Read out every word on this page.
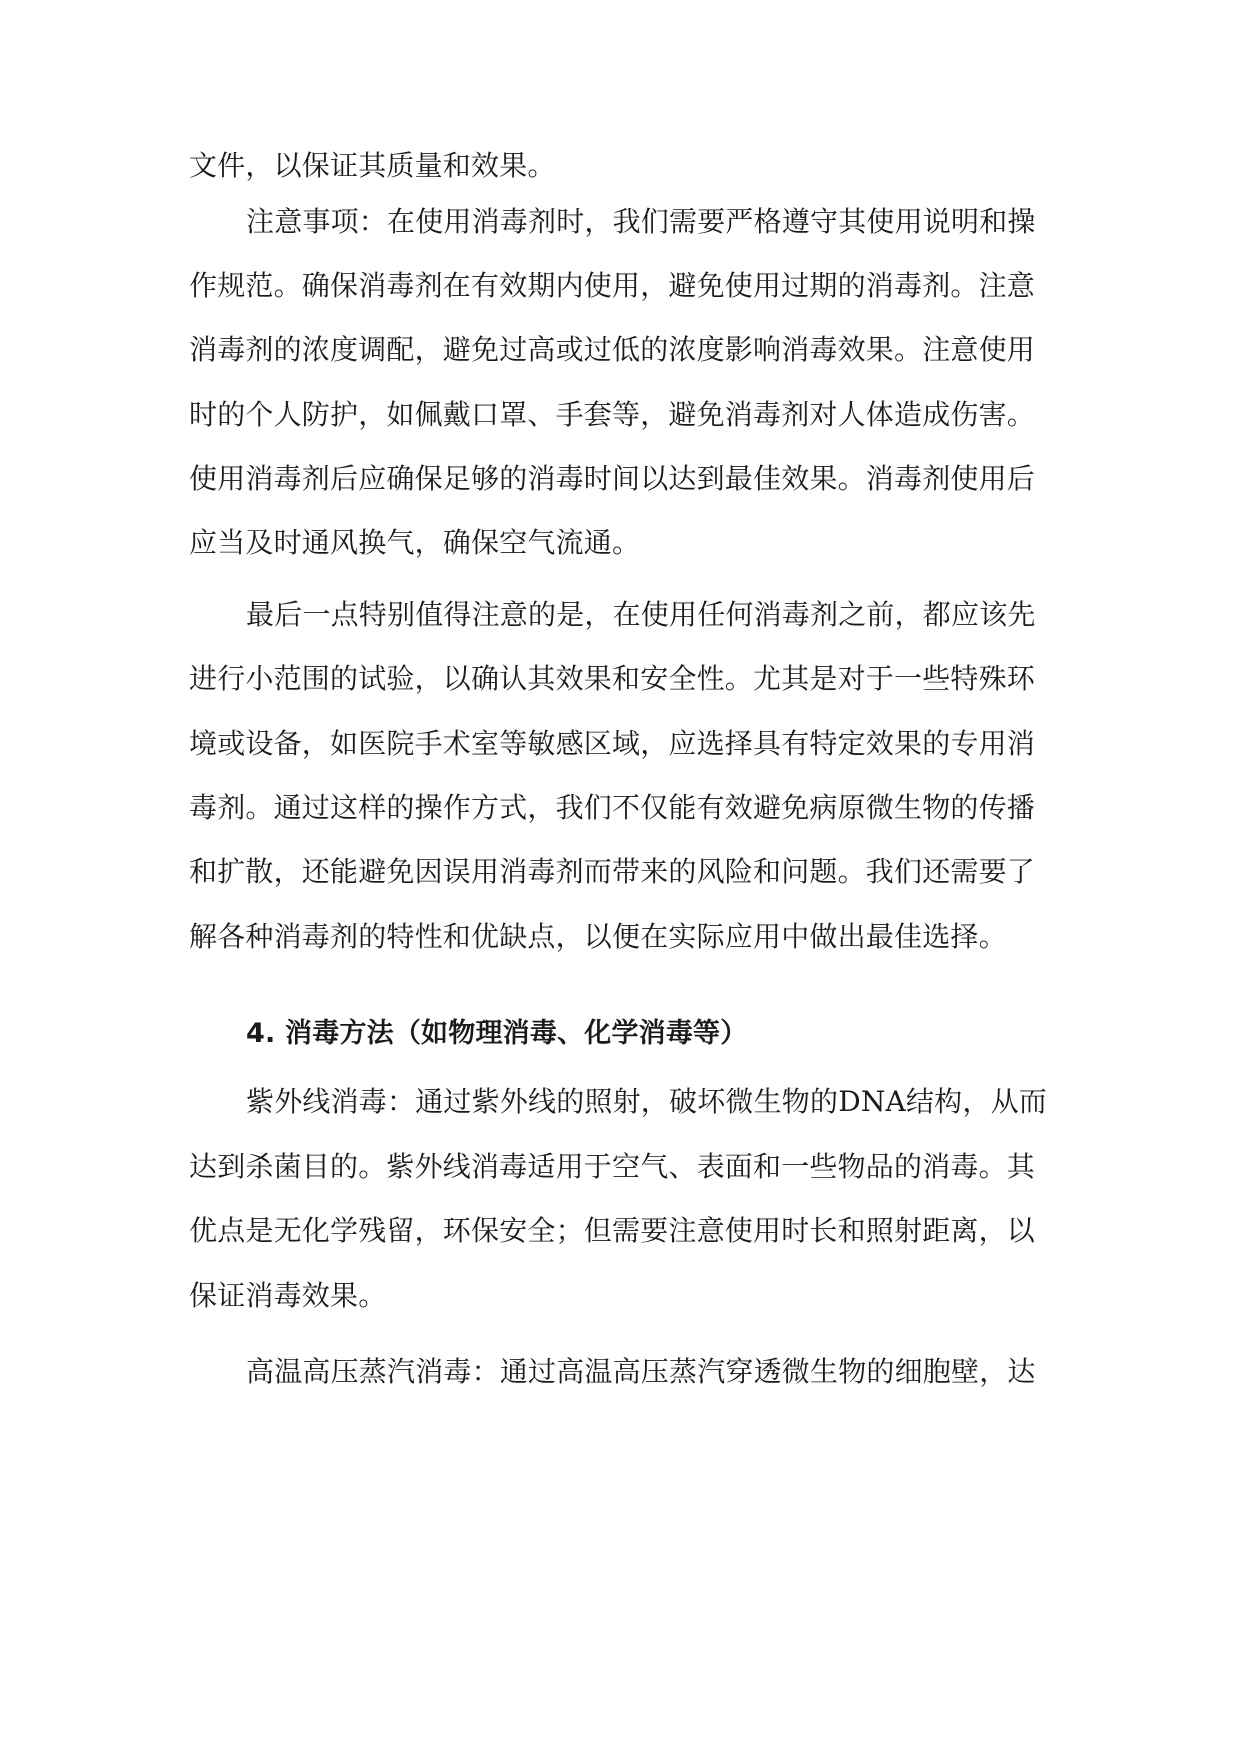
文件，以保证其质量和效果。

注意事项：在使用消毒剂时，我们需要严格遵守其使用说明和操

作规范。确保消毒剂在有效期内使用，避免使用过期的消毒剂。注意

消毒剂的浓度调配，避免过高或过低的浓度影响消毒效果。注意使用

时的个人防护，如佩戴口罩、手套等，避免消毒剂对人体造成伤害。

使用消毒剂后应确保足够的消毒时间以达到最佳效果。消毒剂使用后

应当及时通风换气，确保空气流通。

最后一点特别值得注意的是，在使用任何消毒剂之前，都应该先

进行小范围的试验，以确认其效果和安全性。尤其是对于一些特殊环

境或设备，如医院手术室等敏感区域，应选择具有特定效果的专用消

毒剂。通过这样的操作方式，我们不仅能有效避免病原微生物的传播

和扩散，还能避免因误用消毒剂而带来的风险和问题。我们还需要了

解各种消毒剂的特性和优缺点，以便在实际应用中做出最佳选择。

4. 消毒方法（如物理消毒、化学消毒等）

紫外线消毒：通过紫外线的照射，破坏微生物的DNA结构，从而

达到杀菌目的。紫外线消毒适用于空气、表面和一些物品的消毒。其

优点是无化学残留，环保安全；但需要注意使用时长和照射距离，以

保证消毒效果。

高温高压蒸汽消毒：通过高温高压蒸汽穿透微生物的细胞壁，达
